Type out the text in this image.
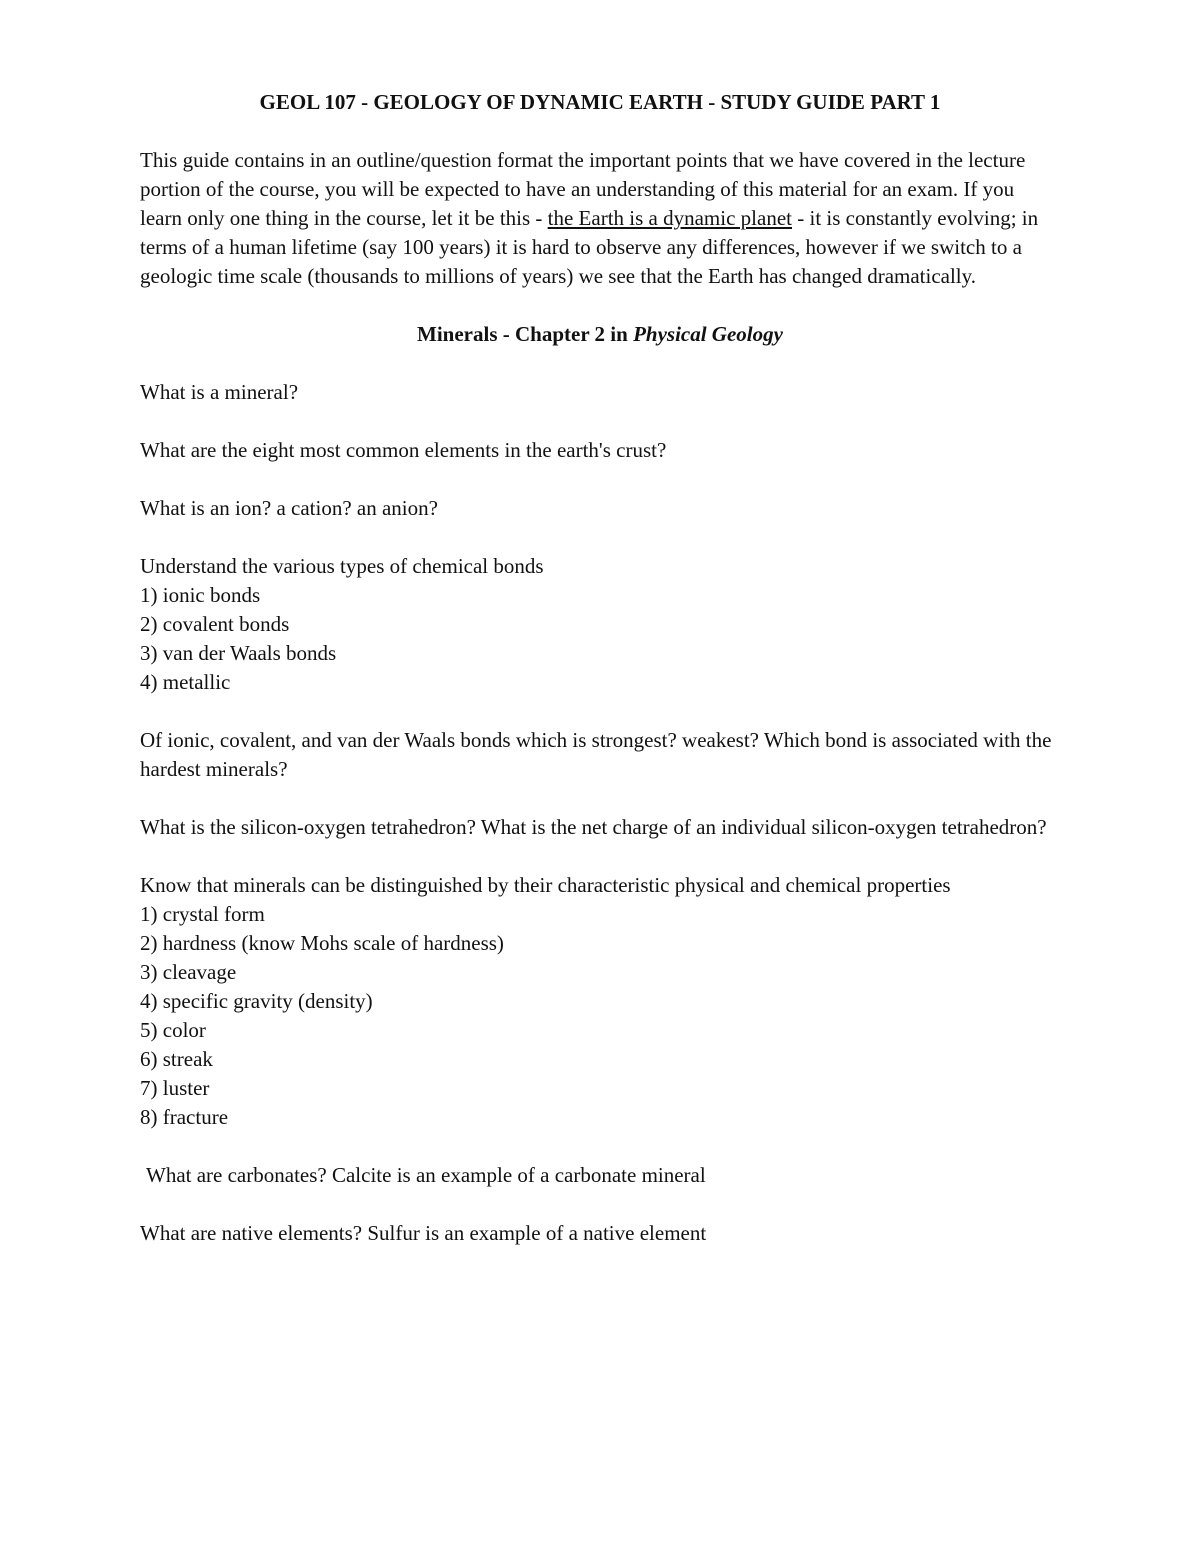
GEOL 107 - GEOLOGY OF DYNAMIC EARTH - STUDY GUIDE PART 1
This guide contains in an outline/question format the important points that we have covered in the lecture portion of the course, you will be expected to have an understanding of this material for an exam. If you learn only one thing in the course, let it be this - the Earth is a dynamic planet - it is constantly evolving; in terms of a human lifetime (say 100 years) it is hard to observe any differences, however if we switch to a geologic time scale (thousands to millions of years) we see that the Earth has changed dramatically.
Minerals - Chapter 2 in Physical Geology
What is a mineral?
What are the eight most common elements in the earth's crust?
What is an ion? a cation? an anion?
Understand the various types of chemical bonds
1) ionic bonds
2) covalent bonds
3) van der Waals bonds
4) metallic
Of ionic, covalent, and van der Waals bonds which is strongest? weakest? Which bond is associated with the hardest minerals?
What is the silicon-oxygen tetrahedron? What is the net charge of an individual silicon-oxygen tetrahedron?
Know that minerals can be distinguished by their characteristic physical and chemical properties
1) crystal form
2) hardness (know Mohs scale of hardness)
3) cleavage
4) specific gravity (density)
5) color
6) streak
7) luster
8) fracture
What are carbonates? Calcite is an example of a carbonate mineral
What are native elements? Sulfur is an example of a native element
